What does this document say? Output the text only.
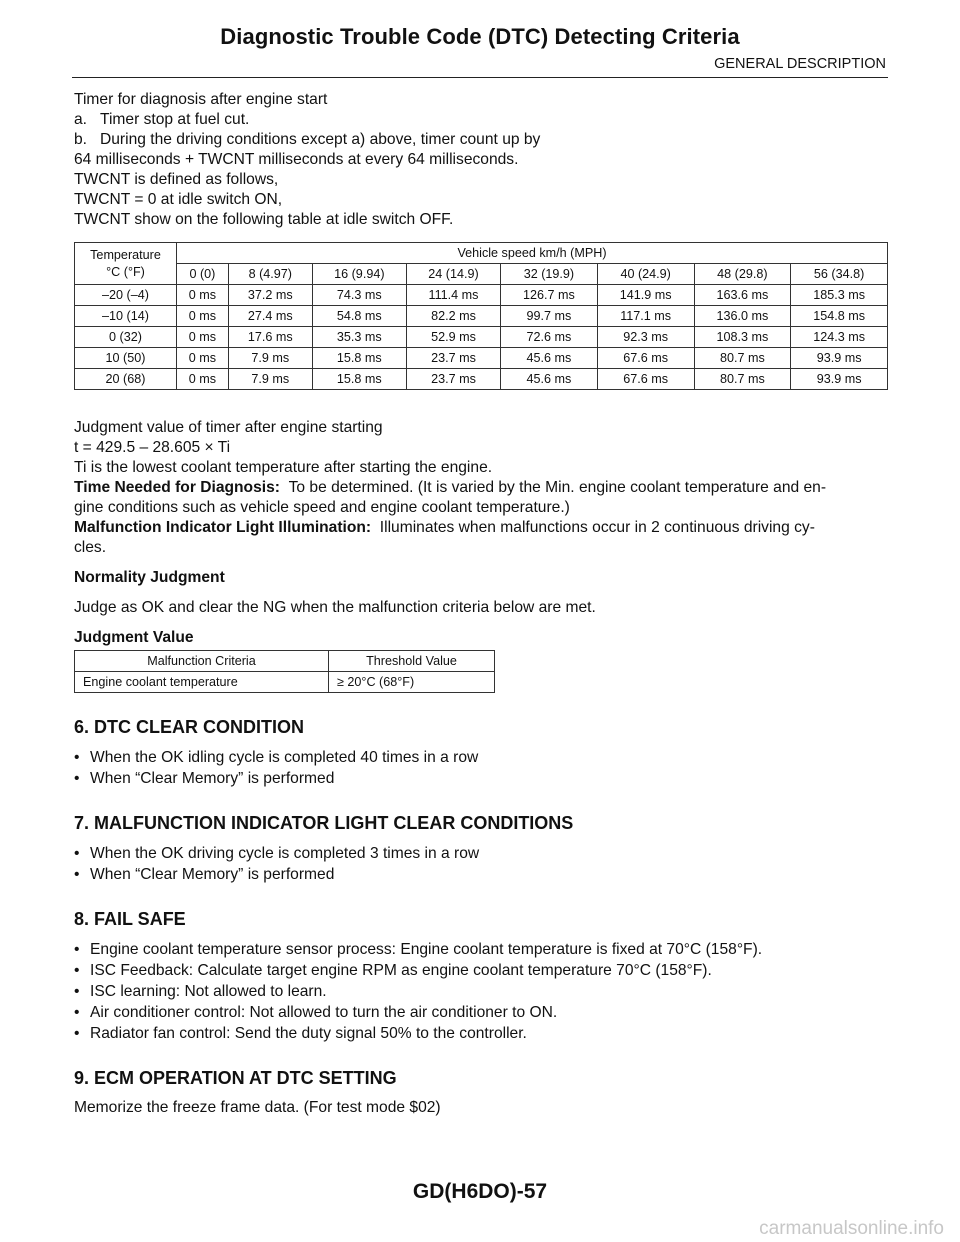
Diagnostic Trouble Code (DTC) Detecting Criteria
GENERAL DESCRIPTION
Timer for diagnosis after engine start
a.   Timer stop at fuel cut.
b.   During the driving conditions except a) above, timer count up by
64 milliseconds + TWCNT milliseconds at every 64 milliseconds.
TWCNT is defined as follows,
TWCNT = 0 at idle switch ON,
TWCNT show on the following table at idle switch OFF.
Temperature
°C (°F)	Vehicle speed km/h (MPH)							
	0 (0)	8 (4.97)	16 (9.94)	24 (14.9)	32 (19.9)	40 (24.9)	48 (29.8)	56 (34.8)
–20 (–4)	0 ms	37.2 ms	74.3 ms	111.4 ms	126.7 ms	141.9 ms	163.6 ms	185.3 ms
–10 (14)	0 ms	27.4 ms	54.8 ms	82.2 ms	99.7 ms	117.1 ms	136.0 ms	154.8 ms
0 (32)	0 ms	17.6 ms	35.3 ms	52.9 ms	72.6 ms	92.3 ms	108.3 ms	124.3 ms
10 (50)	0 ms	7.9 ms	15.8 ms	23.7 ms	45.6 ms	67.6 ms	80.7 ms	93.9 ms
20 (68)	0 ms	7.9 ms	15.8 ms	23.7 ms	45.6 ms	67.6 ms	80.7 ms	93.9 ms
Judgment value of timer after engine starting
t = 429.5 – 28.605 × Ti
Ti is the lowest coolant temperature after starting the engine.
Time Needed for Diagnosis: To be determined. (It is varied by the Min. engine coolant temperature and en-
gine conditions such as vehicle speed and engine coolant temperature.)
Malfunction Indicator Light Illumination: Illuminates when malfunctions occur in 2 continuous driving cy-
cles.
Normality Judgment
Judge as OK and clear the NG when the malfunction criteria below are met.
Judgment Value
Malfunction Criteria	Threshold Value
Engine coolant temperature	≥ 20°C (68°F)
6. DTC CLEAR CONDITION
• When the OK idling cycle is completed 40 times in a row
• When “Clear Memory” is performed
7. MALFUNCTION INDICATOR LIGHT CLEAR CONDITIONS
• When the OK driving cycle is completed 3 times in a row
• When “Clear Memory” is performed
8. FAIL SAFE
• Engine coolant temperature sensor process: Engine coolant temperature is fixed at 70°C (158°F).
• ISC Feedback: Calculate target engine RPM as engine coolant temperature 70°C (158°F).
• ISC learning: Not allowed to learn.
• Air conditioner control: Not allowed to turn the air conditioner to ON.
• Radiator fan control: Send the duty signal 50% to the controller.
9. ECM OPERATION AT DTC SETTING
Memorize the freeze frame data. (For test mode $02)
GD(H6DO)-57
carmanualsonline.info
